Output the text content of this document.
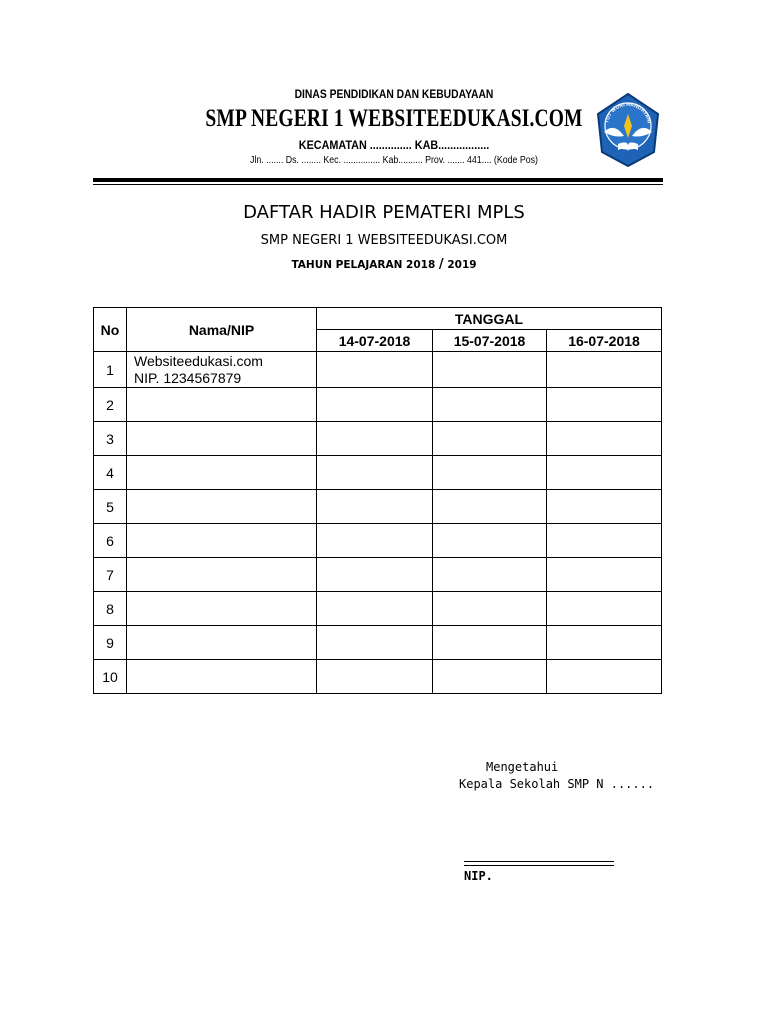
DINAS PENDIDIKAN DAN KEBUDAYAAN
SMP NEGERI 1 WEBSITEEDUKASI.COM
KECAMATAN .............. KAB.................
Jln. ....... Ds. ........ Kec. ............... Kab.......... Prov. ....... 441.... (Kode Pos)
TUT WURI HANDAYANI
DAFTAR HADIR PEMATERI MPLS
SMP NEGERI 1 WEBSITEEDUKASI.COM
TAHUN PELAJARAN 2018 / 2019
No	Nama/NIP	TANGGAL		
		14-07-2018	15-07-2018	16-07-2018
1	Websiteedukasi.com
NIP. 1234567879			

2				
3				
4				
5				
6				
7				
8				
9				
10				
Mengetahui
Kepala Sekolah SMP N ......
NIP.
